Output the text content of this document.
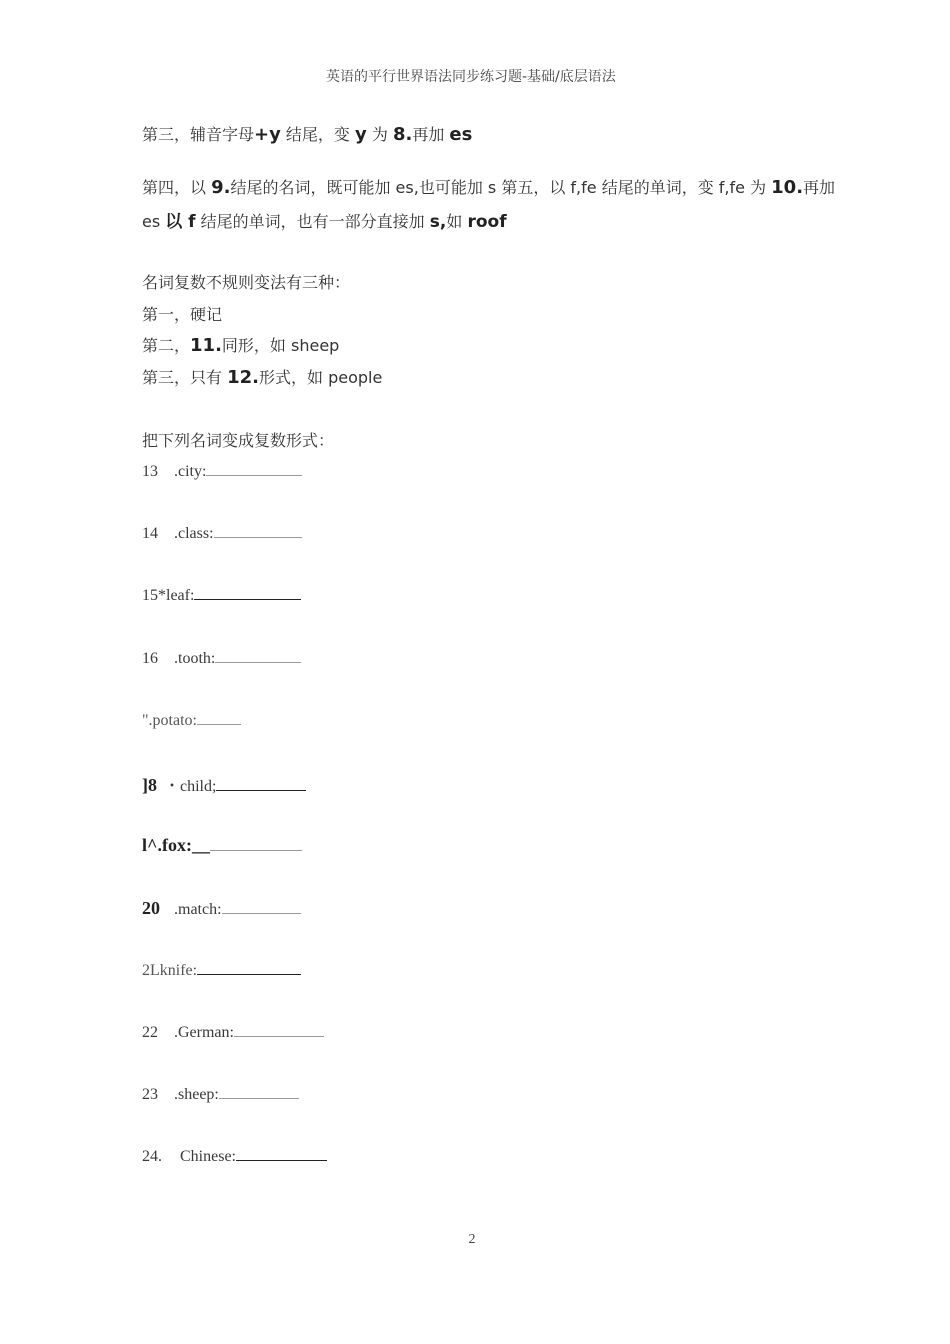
英语的平行世界语法同步练习题-基础/底层语法
第三，辅音字母+y 结尾，变 y 为 8.再加 es
第四，以 9.结尾的名词，既可能加 es,也可能加 s 第五，以 f,fe 结尾的单词，变 f,fe 为 10.再加
es 以 f 结尾的单词，也有一部分直接加 s,如 roof
名词复数不规则变法有三种：
第一，硬记
第二，11.同形，如 sheep
第三，只有 12.形式，如 people
把下列名词变成复数形式：
13 .city:
14 .class:
15*leaf:
16 .tooth:
".potato:
]8 ・child;
l^.fox:__
20 .match:
2Lknife:
22 .German:
23 .sheep:
24. Chinese:
2
